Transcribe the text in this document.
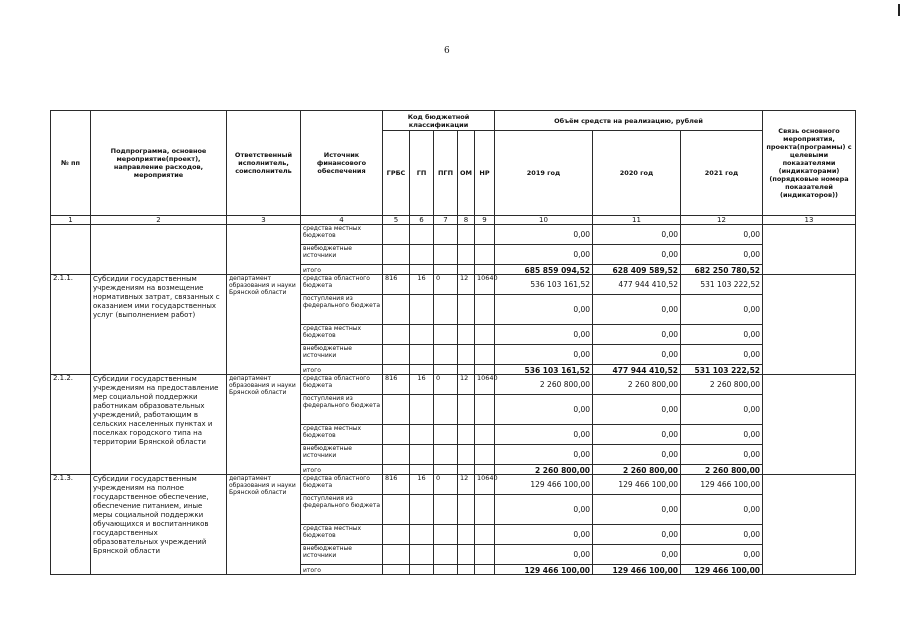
6
№ пп	Подпрограмма, основное мероприятие(проект), направление расходов, мероприятие	Ответственный исполнитель, соисполнитель	Источник финансового обеспечения	Код бюджетной классификации					Объём средств на реализацию, рублей			Связь основного мероприятия, проекта(программы) с целевыми показателями (индикаторами) (порядковые номера показателей (индикаторов))
				ГРБС	ГП	ПГП	ОМ	НР	2019 год	2020 год	2021 год	
1	2	3	4	5	6	7	8	9	10	11	12	13
			средства местных бюджетов						0,00	0,00	0,00	
			внебюджетные источники						0,00	0,00	0,00	
			итого						685 859 094,52	628 409 589,52	682 250 780,52	
2.1.1.	Субсидии государственным учреждениям на возмещение нормативных затрат, связанных с оказанием ими государственных услуг (выполнением работ)	департамент образования и науки Брянской области	средства областного бюджета	816	16	0	12	10640	536 103 161,52	477 944 410,52	531 103 222,52	
			поступления из федерального бюджета						0,00	0,00	0,00	
			средства местных бюджетов						0,00	0,00	0,00	
			внебюджетные источники						0,00	0,00	0,00	
			итого						536 103 161,52	477 944 410,52	531 103 222,52	
2.1.2.	Субсидии государственным учреждениям на предоставление мер социальной поддержки работникам образовательных учреждений, работающим в сельских населенных пунктах и поселках городского типа на территории Брянской области	департамент образования и науки Брянской области	средства областного бюджета	816	16	0	12	10640	2 260 800,00	2 260 800,00	2 260 800,00	
			поступления из федерального бюджета						0,00	0,00	0,00	
			средства местных бюджетов						0,00	0,00	0,00	
			внебюджетные источники						0,00	0,00	0,00	
			итого						2 260 800,00	2 260 800,00	2 260 800,00	
2.1.3.	Субсидии государственным учреждениям на полное государственное обеспечение, обеспечение питанием, иные меры социальной поддержки обучающихся и воспитанников государственных образовательных учреждений Брянской области	департамент образования и науки Брянской области	средства областного бюджета	816	16	0	12	10640	129 466 100,00	129 466 100,00	129 466 100,00	
			поступления из федерального бюджета						0,00	0,00	0,00	
			средства местных бюджетов						0,00	0,00	0,00	
			внебюджетные источники						0,00	0,00	0,00	
			итого						129 466 100,00	129 466 100,00	129 466 100,00	
